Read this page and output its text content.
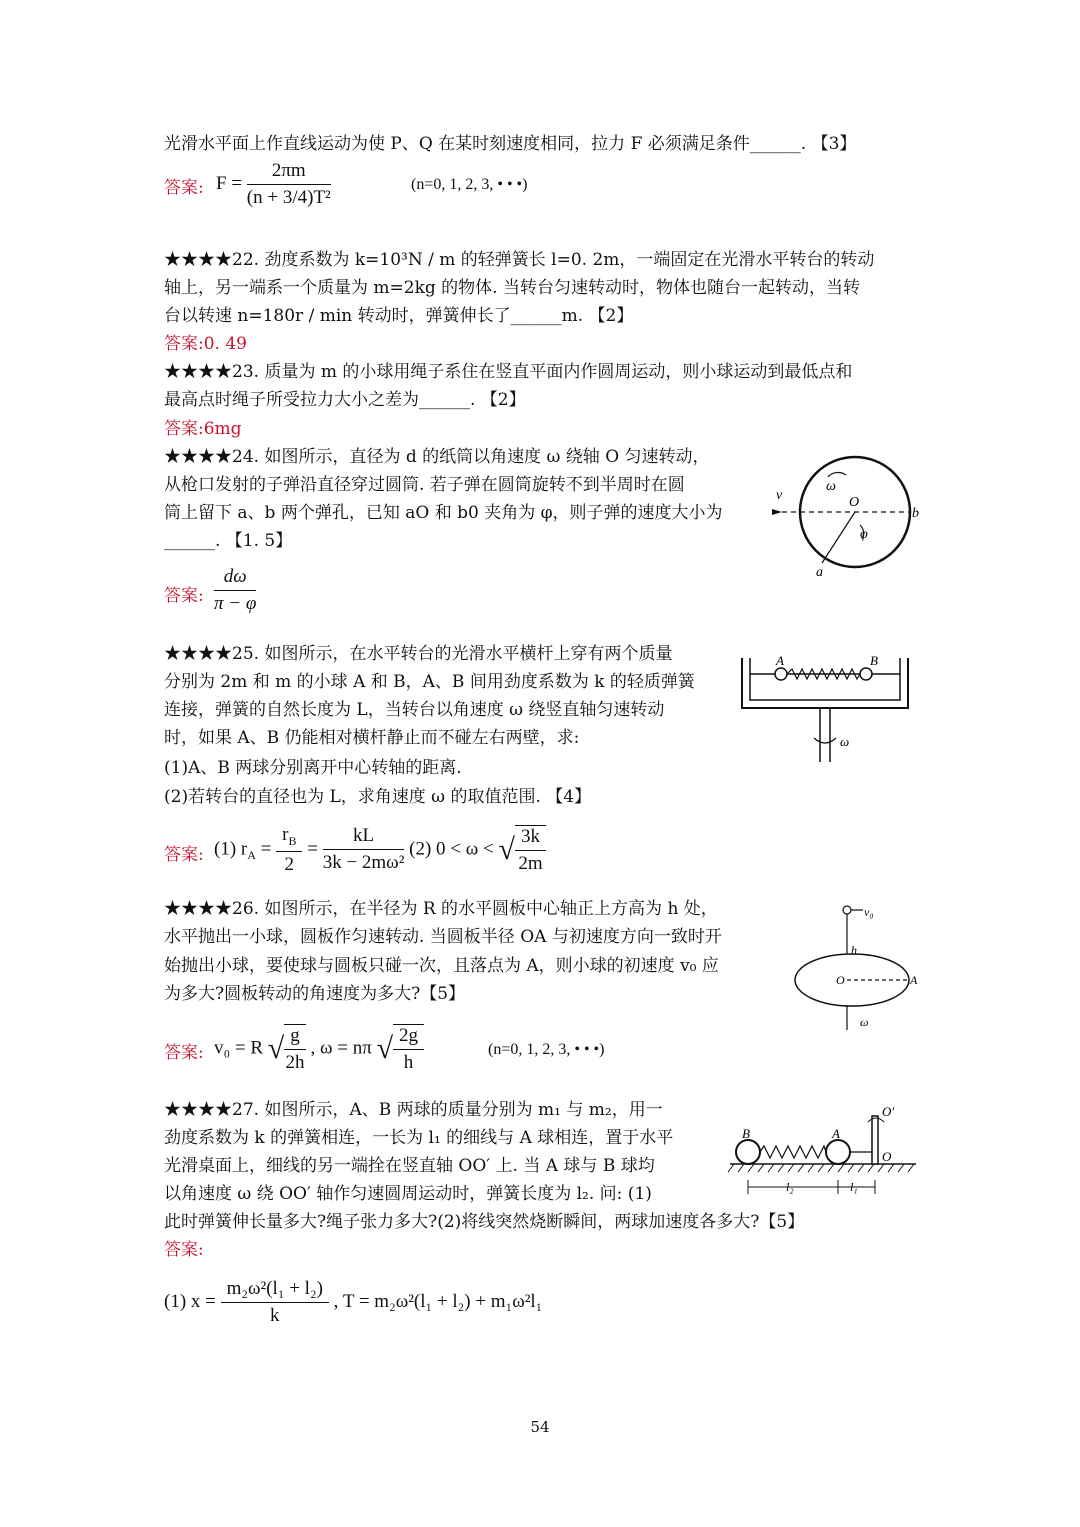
光滑水平面上作直线运动为使 P、Q 在某时刻速度相同，拉力 F 必须满足条件______. 【3】
答案: $F = \frac{2\pi m}{\text{(n + 3/4)T²}}$	(n=0, 1, 2, 3, • • •)
★★★★22. 劲度系数为 k=10³N / m 的轻弹簧长 l=0. 2m，一端固定在光滑水平转台的转动
轴上，另一端系一个质量为 m=2kg 的物体. 当转台匀速转动时，物体也随台一起转动，当转
台以转速 n=180r / min 转动时，弹簧伸长了______m. 【2】
答案:0. 49
★★★★23. 质量为 m 的小球用绳子系住在竖直平面内作圆周运动，则小球运动到最低点和
最高点时绳子所受拉力大小之差为______. 【2】
答案:6mg
★★★★24. 如图所示，直径为 d 的纸筒以角速度 ω 绕轴 O 匀速转动，
从枪口发射的子弹沿直径穿过圆筒. 若子弹在圆筒旋转不到半周时在圆
筒上留下 a、b 两个弹孔，已知 aO 和 b0 夹角为 φ，则子弹的速度大小为
______. 【1. 5】
答案: $\frac{d\omega}{\pi - \varphi}$
v
ω
O
b
φ
a
★★★★25. 如图所示，在水平转台的光滑水平横杆上穿有两个质量
分别为 2m 和 m 的小球 A 和 B，A、B 间用劲度系数为 k 的轻质弹簧
连接，弹簧的自然长度为 L，当转台以角速度 ω 绕竖直轴匀速转动
时，如果 A、B 仍能相对横杆静止而不碰左右两壁，求:
(1)A、B 两球分别离开中心转轴的距离.
(2)若转台的直径也为 L，求角速度 ω 的取值范围. 【4】
答案: (1) $r_A = \frac{r_B}{2} = \frac{kL}{\text{3k − 2mω²}} (2) 0 < \omega$ < √ $\frac{3k}{2m}$
A	B
ω
★★★★26. 如图所示，在半径为 R 的水平圆板中心轴正上方高为 h 处，
水平抛出一小球，圆板作匀速转动. 当圆板半径 OA 与初速度方向一致时开
始抛出小球，要使球与圆板只碰一次，且落点为 A，则小球的初速度 v₀ 应
为多大?圆板转动的角速度为多大?【5】
答案: v₀ = R √ $\frac{g}{2h}$ , ω = nπ √ $\frac{2g}{h}$	(n=0, 1, 2, 3, • • •)
v₀
h
O	A
ω
★★★★27. 如图所示，A、B 两球的质量分别为 m₁ 与 m₂，用一
劲度系数为 k 的弹簧相连，一长为 l₁ 的细线与 A 球相连，置于水平
光滑桌面上，细线的另一端拴在竖直轴 OO′ 上. 当 A 球与 B 球均
以角速度 ω 绕 OO′ 轴作匀速圆周运动时，弹簧长度为 l₂. 问: (1)
此时弹簧伸长量多大?绳子张力多大?(2)将线突然烧断瞬间，两球加速度各多大?【5】
答案:
(1) $x = \frac{\text{m₂ω²(l₁ + l₂)}}{k}$ , T = m₂ω²(l₁ + l₂) + m₁ω²l₁
B	A
O′
O
l₂	l₁
54
